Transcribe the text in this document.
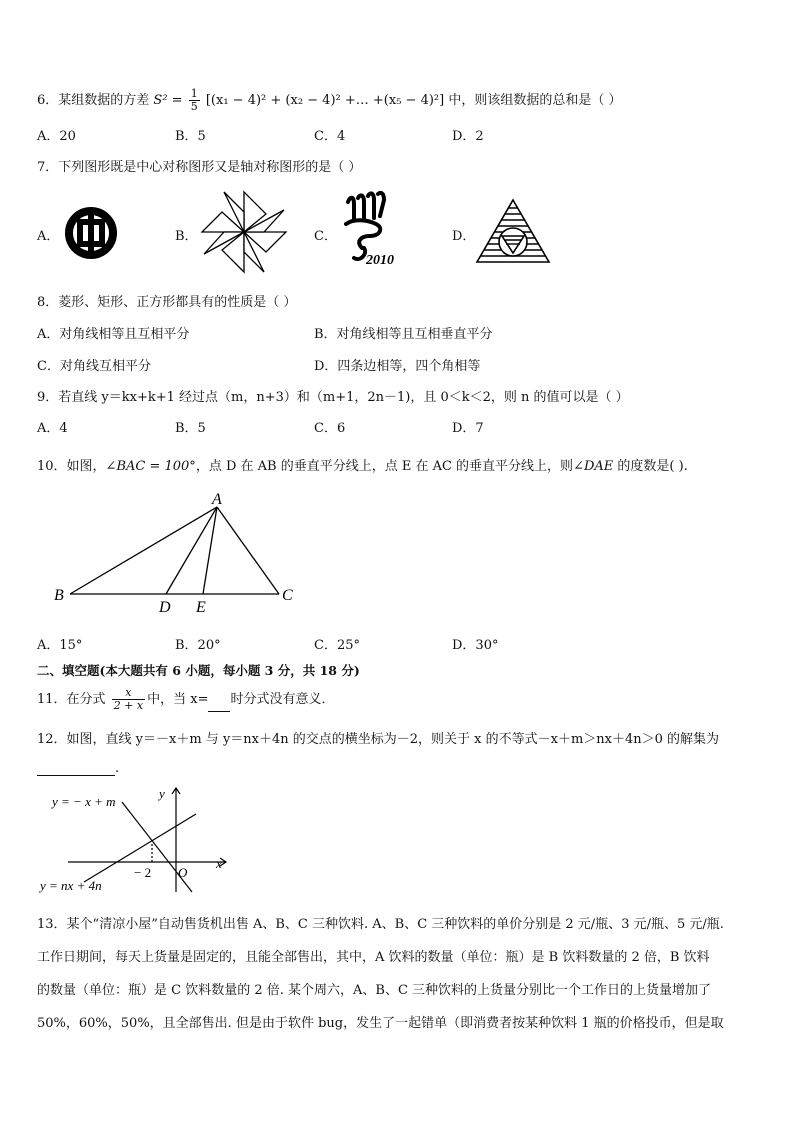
6．某组数据的方差 $S^2 = \frac{1}{5} [(x_1 - 4)^2 + (x_2 - 4)^2$ +… +(x₅ − 4)²] 中，则该组数据的总和是（ ）
A．20	B．5	C．4	D．2
7．下列图形既是中心对称图形又是轴对称图形的是（ ）
A．	B．	C．	D．
2010
8．菱形、矩形、正方形都具有的性质是（ ）
A．对角线相等且互相平分	B．对角线相等且互相垂直平分
C．对角线互相平分	D．四条边相等，四个角相等
9．若直线 y＝kx+k+1 经过点（m，n+3）和（m+1，2n－1)，且 0＜k＜2，则 n 的值可以是（ ）
A．4	B．5	C．6	D．7
10．如图，∠BAC = 100°，点 D 在 AB 的垂直平分线上，点 E 在 AC 的垂直平分线上，则∠DAE 的度数是( ).
A
B	C
D E
A．15°	B．20°	C．25°	D．30°
二、填空题(本大题共有 6 小题，每小题 3 分，共 18 分)
11．在分式 $\frac{x}{2 + x}$ 中，当 x= 时分式没有意义．
12．如图，直线 y＝－x＋m 与 y＝nx＋4n 的交点的横坐标为－2，则关于 x 的不等式－x＋m＞nx＋4n＞0 的解集为
.
y = − x + m
y = nx + 4n
y
x
O
− 2
13．某个“清凉小屋”自动售货机出售 A、B、C 三种饮料. A、B、C 三种饮料的单价分别是 2 元/瓶、3 元/瓶、5 元/瓶.
工作日期间，每天上货量是固定的，且能全部售出，其中，A 饮料的数量（单位：瓶）是 B 饮料数量的 2 倍，B 饮料
的数量（单位：瓶）是 C 饮料数量的 2 倍. 某个周六，A、B、C 三种饮料的上货量分别比一个工作日的上货量增加了
50%，60%，50%，且全部售出. 但是由于软件 bug，发生了一起错单（即消费者按某种饮料 1 瓶的价格投币，但是取
